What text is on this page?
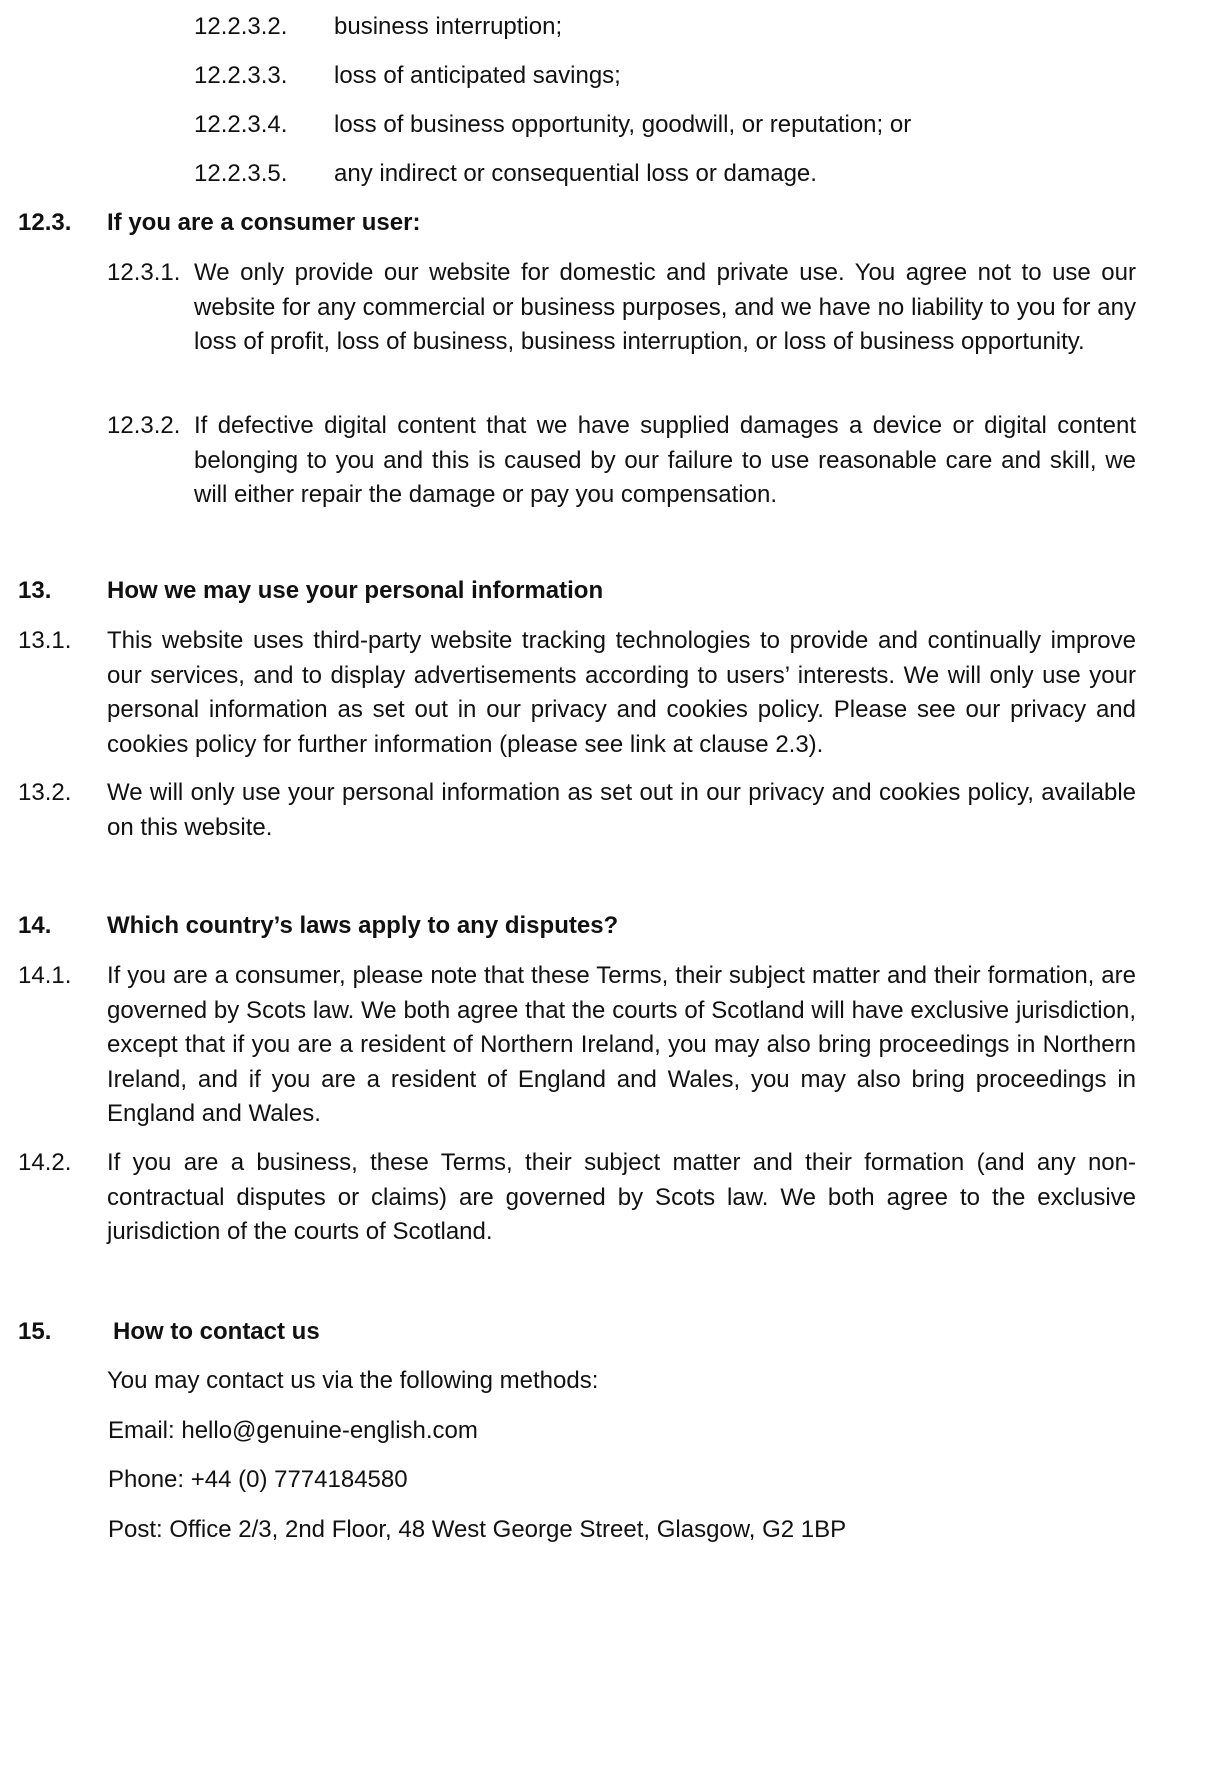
12.2.3.2. business interruption;
12.2.3.3. loss of anticipated savings;
12.2.3.4. loss of business opportunity, goodwill, or reputation; or
12.2.3.5. any indirect or consequential loss or damage.
12.3. If you are a consumer user:
12.3.1. We only provide our website for domestic and private use. You agree not to use our website for any commercial or business purposes, and we have no liability to you for any loss of profit, loss of business, business interruption, or loss of business opportunity.
12.3.2. If defective digital content that we have supplied damages a device or digital content belonging to you and this is caused by our failure to use reasonable care and skill, we will either repair the damage or pay you compensation.
13. How we may use your personal information
13.1. This website uses third-party website tracking technologies to provide and continually improve our services, and to display advertisements according to users’ interests. We will only use your personal information as set out in our privacy and cookies policy. Please see our privacy and cookies policy for further information (please see link at clause 2.3).
13.2. We will only use your personal information as set out in our privacy and cookies policy, available on this website.
14. Which country’s laws apply to any disputes?
14.1. If you are a consumer, please note that these Terms, their subject matter and their formation, are governed by Scots law. We both agree that the courts of Scotland will have exclusive jurisdiction, except that if you are a resident of Northern Ireland, you may also bring proceedings in Northern Ireland, and if you are a resident of England and Wales, you may also bring proceedings in England and Wales.
14.2. If you are a business, these Terms, their subject matter and their formation (and any non-contractual disputes or claims) are governed by Scots law. We both agree to the exclusive jurisdiction of the courts of Scotland.
15.	How to contact us
You may contact us via the following methods:
Email: hello@genuine-english.com
Phone: +44 (0) 7774184580
Post: Office 2/3, 2nd Floor, 48 West George Street, Glasgow, G2 1BP
